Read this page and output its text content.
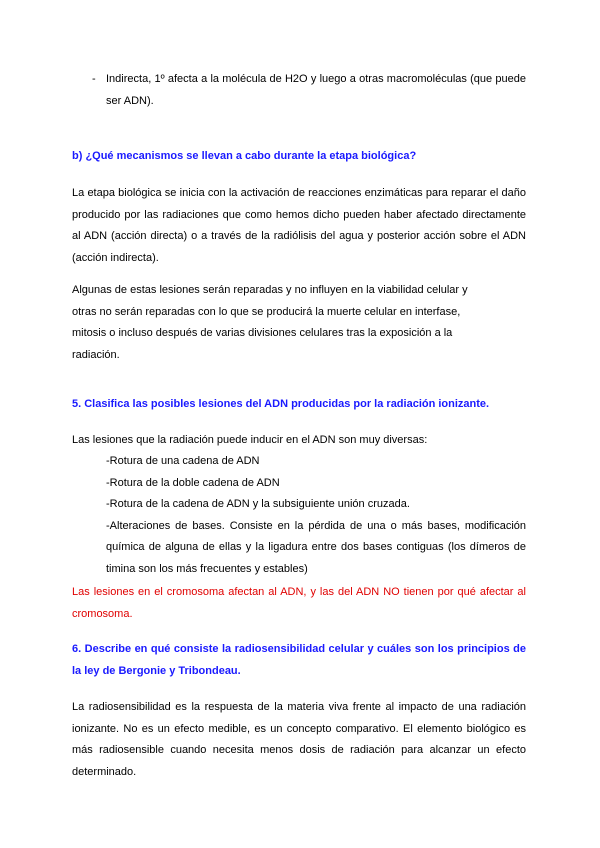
- Indirecta, 1º afecta a la molécula de H2O y luego a otras macromoléculas (que puede ser ADN).

b) ¿Qué mecanismos se llevan a cabo durante la etapa biológica?

La etapa biológica se inicia con la activación de reacciones enzimáticas para reparar el daño producido por las radiaciones que como hemos dicho pueden haber afectado directamente al ADN (acción directa) o a través de la radiólisis del agua y posterior acción sobre el ADN (acción indirecta).

Algunas de estas lesiones serán reparadas y no influyen en la viabilidad celular y
otras no serán reparadas con lo que se producirá la muerte celular en interfase,
mitosis o incluso después de varias divisiones celulares tras la exposición a la
radiación.

5. Clasifica las posibles lesiones del ADN producidas por la radiación ionizante.

Las lesiones que la radiación puede inducir en el ADN son muy diversas:

-Rotura de una cadena de ADN
-Rotura de la doble cadena de ADN
-Rotura de la cadena de ADN y la subsiguiente unión cruzada.
-Alteraciones de bases. Consiste en la pérdida de una o más bases, modificación química de alguna de ellas y la ligadura entre dos bases contiguas (los dímeros de timina son los más frecuentes y estables)

Las lesiones en el cromosoma afectan al ADN, y las del ADN NO tienen por qué afectar al cromosoma.

6. Describe en qué consiste la radiosensibilidad celular y cuáles son los principios de la ley de Bergonie y Tribondeau.

La radiosensibilidad es la respuesta de la materia viva frente al impacto de una radiación ionizante. No es un efecto medible, es un concepto comparativo. El elemento biológico es más radiosensible cuando necesita menos dosis de radiación para alcanzar un efecto determinado.
